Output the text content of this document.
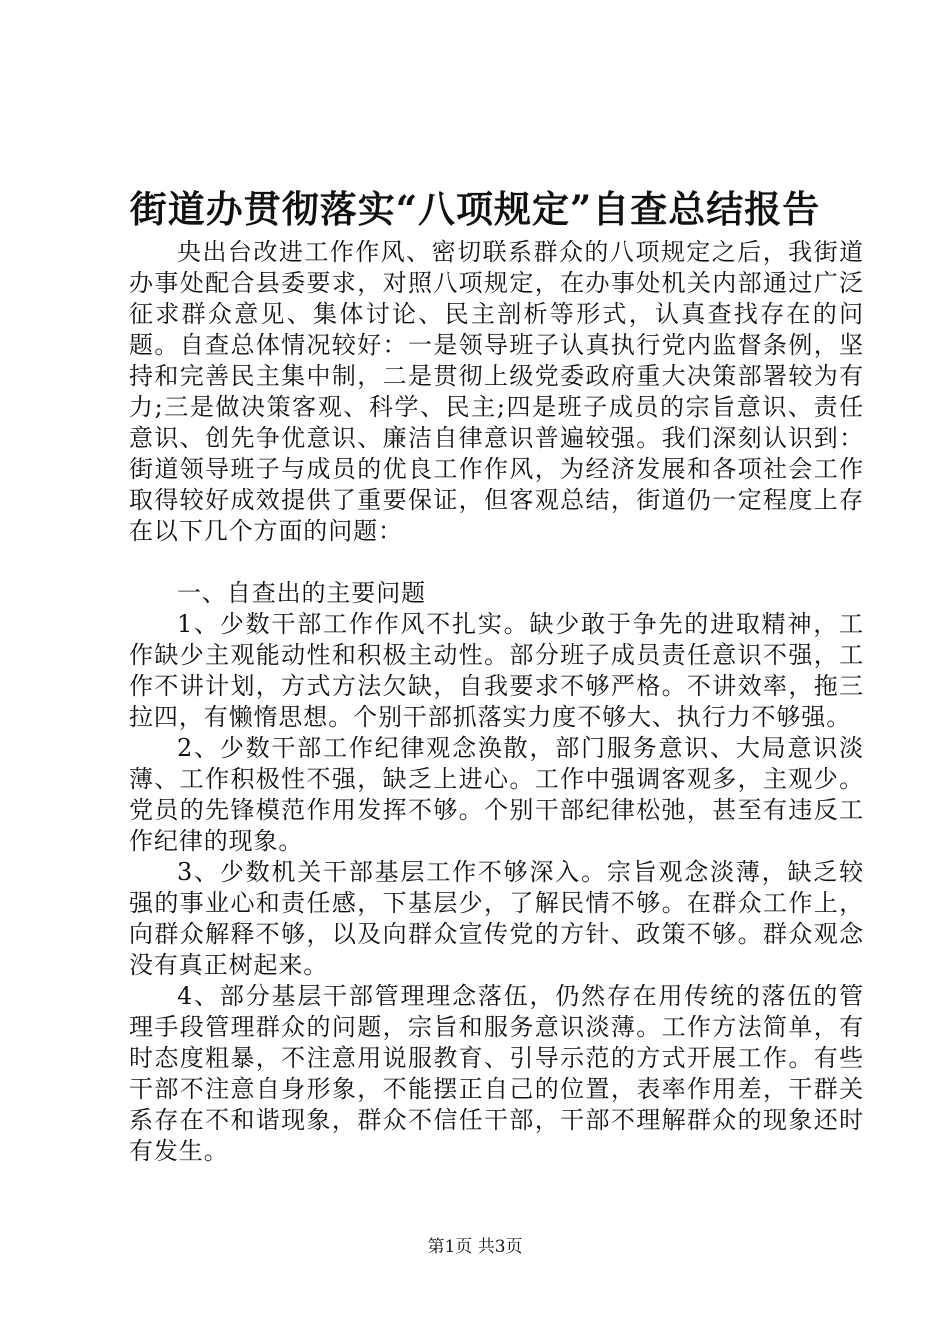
街道办贯彻落实“八项规定”自查总结报告

央出台改进工作作风、密切联系群众的八项规定之后，我街道办事处配合县委要求，对照八项规定，在办事处机关内部通过广泛征求群众意见、集体讨论、民主剖析等形式，认真查找存在的问题。自查总体情况较好：一是领导班子认真执行党内监督条例，坚持和完善民主集中制，二是贯彻上级党委政府重大决策部署较为有力;三是做决策客观、科学、民主;四是班子成员的宗旨意识、责任意识、创先争优意识、廉洁自律意识普遍较强。我们深刻认识到：街道领导班子与成员的优良工作作风，为经济发展和各项社会工作取得较好成效提供了重要保证，但客观总结，街道仍一定程度上存在以下几个方面的问题：

一、自查出的主要问题

1、少数干部工作作风不扎实。缺少敢于争先的进取精神，工作缺少主观能动性和积极主动性。部分班子成员责任意识不强，工作不讲计划，方式方法欠缺，自我要求不够严格。不讲效率，拖三拉四，有懒惰思想。个别干部抓落实力度不够大、执行力不够强。

2、少数干部工作纪律观念涣散，部门服务意识、大局意识淡薄、工作积极性不强，缺乏上进心。工作中强调客观多，主观少。党员的先锋模范作用发挥不够。个别干部纪律松弛，甚至有违反工作纪律的现象。

3、少数机关干部基层工作不够深入。宗旨观念淡薄，缺乏较强的事业心和责任感，下基层少，了解民情不够。在群众工作上，向群众解释不够，以及向群众宣传党的方针、政策不够。群众观念没有真正树起来。

4、部分基层干部管理理念落伍，仍然存在用传统的落伍的管理手段管理群众的问题，宗旨和服务意识淡薄。工作方法简单，有时态度粗暴，不注意用说服教育、引导示范的方式开展工作。有些干部不注意自身形象，不能摆正自己的位置，表率作用差，干群关系存在不和谐现象，群众不信任干部，干部不理解群众的现象还时有发生。

第1页 共3页
